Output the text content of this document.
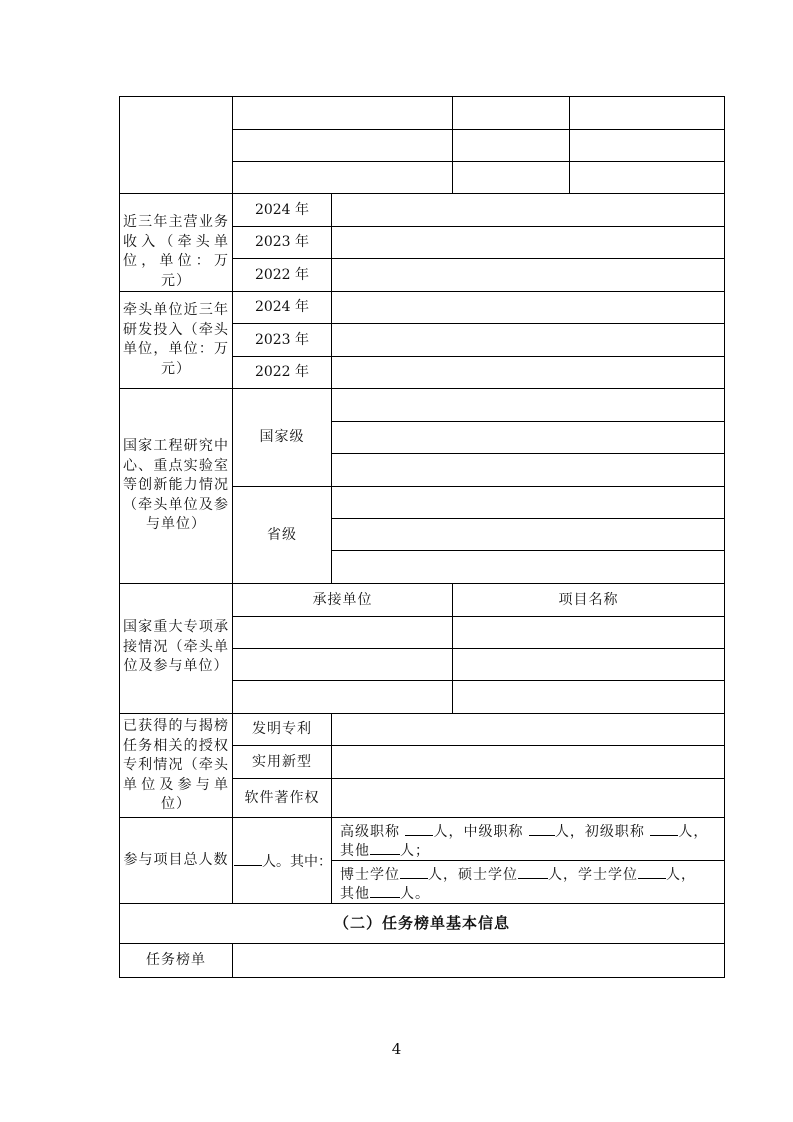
近三年主营业务收入（牵头单位，单位：万元）
2024 年
2023 年
2022 年
牵头单位近三年研发投入（牵头单位，单位：万元）
2024 年
2023 年
2022 年
国家工程研究中心、重点实验室等创新能力情况（牵头单位及参与单位）
国家级
省级
国家重大专项承接情况（牵头单位及参与单位）
承接单位	项目名称
已获得的与揭榜任务相关的授权专利情况（牵头单位及参与单位）
发明专利
实用新型
软件著作权
参与项目总人数	人。其中：
高级职称 人，中级职称 人，初级职称 人，
其他 人；
博士学位 人，硕士学位 人，学士学位 人，
其他 人。
（二）任务榜单基本信息
任务榜单
4
